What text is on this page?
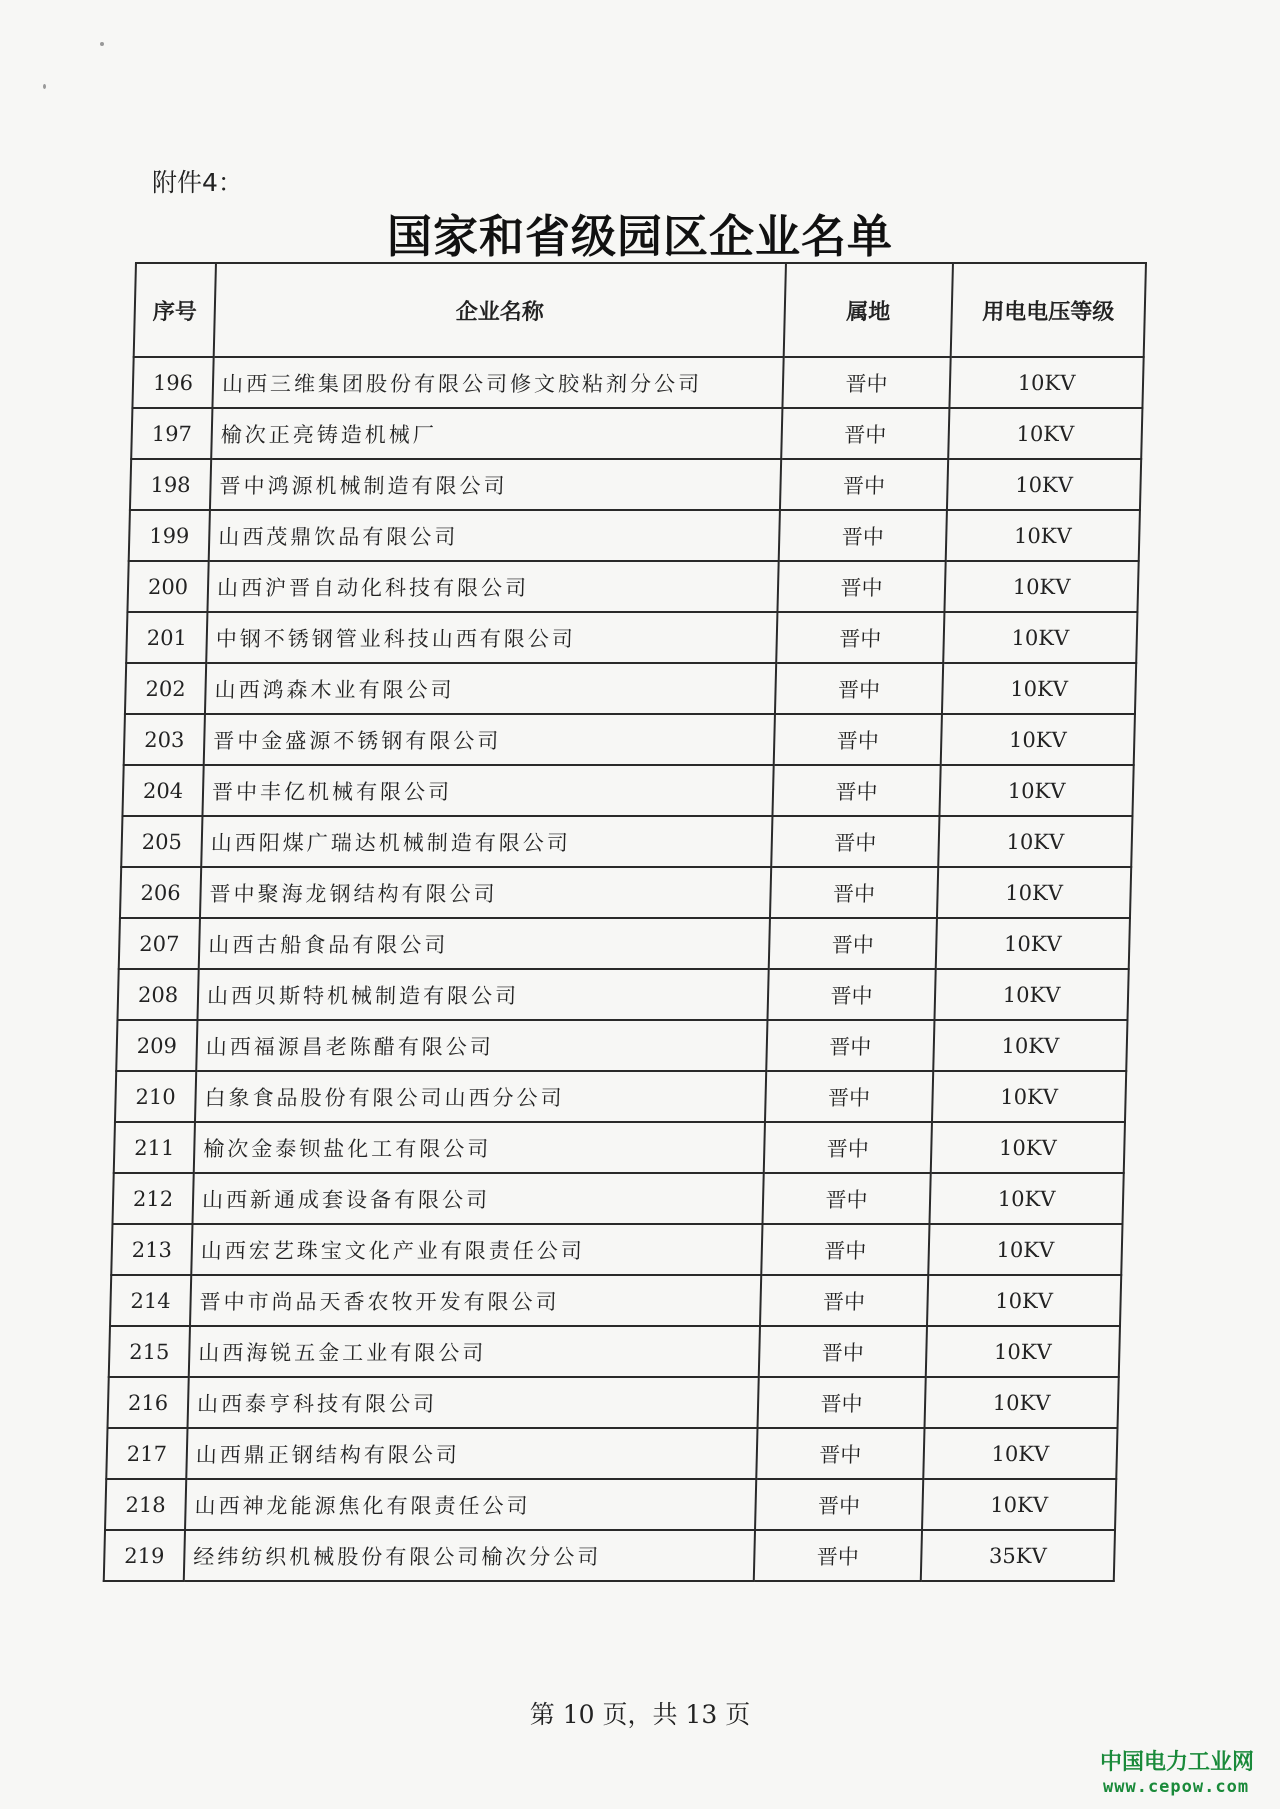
附件4：
国家和省级园区企业名单
序号	企业名称	属地	用电电压等级
196	山西三维集团股份有限公司修文胶粘剂分公司	晋中	10KV
197	榆次正亮铸造机械厂	晋中	10KV
198	晋中鸿源机械制造有限公司	晋中	10KV
199	山西茂鼎饮品有限公司	晋中	10KV
200	山西沪晋自动化科技有限公司	晋中	10KV
201	中钢不锈钢管业科技山西有限公司	晋中	10KV
202	山西鸿森木业有限公司	晋中	10KV
203	晋中金盛源不锈钢有限公司	晋中	10KV
204	晋中丰亿机械有限公司	晋中	10KV
205	山西阳煤广瑞达机械制造有限公司	晋中	10KV
206	晋中聚海龙钢结构有限公司	晋中	10KV
207	山西古船食品有限公司	晋中	10KV
208	山西贝斯特机械制造有限公司	晋中	10KV
209	山西福源昌老陈醋有限公司	晋中	10KV
210	白象食品股份有限公司山西分公司	晋中	10KV
211	榆次金泰钡盐化工有限公司	晋中	10KV
212	山西新通成套设备有限公司	晋中	10KV
213	山西宏艺珠宝文化产业有限责任公司	晋中	10KV
214	晋中市尚品天香农牧开发有限公司	晋中	10KV
215	山西海锐五金工业有限公司	晋中	10KV
216	山西泰亨科技有限公司	晋中	10KV
217	山西鼎正钢结构有限公司	晋中	10KV
218	山西神龙能源焦化有限责任公司	晋中	10KV
219	经纬纺织机械股份有限公司榆次分公司	晋中	35KV
第 10 页，共 13 页
中国电力工业网
www.cepow.com
